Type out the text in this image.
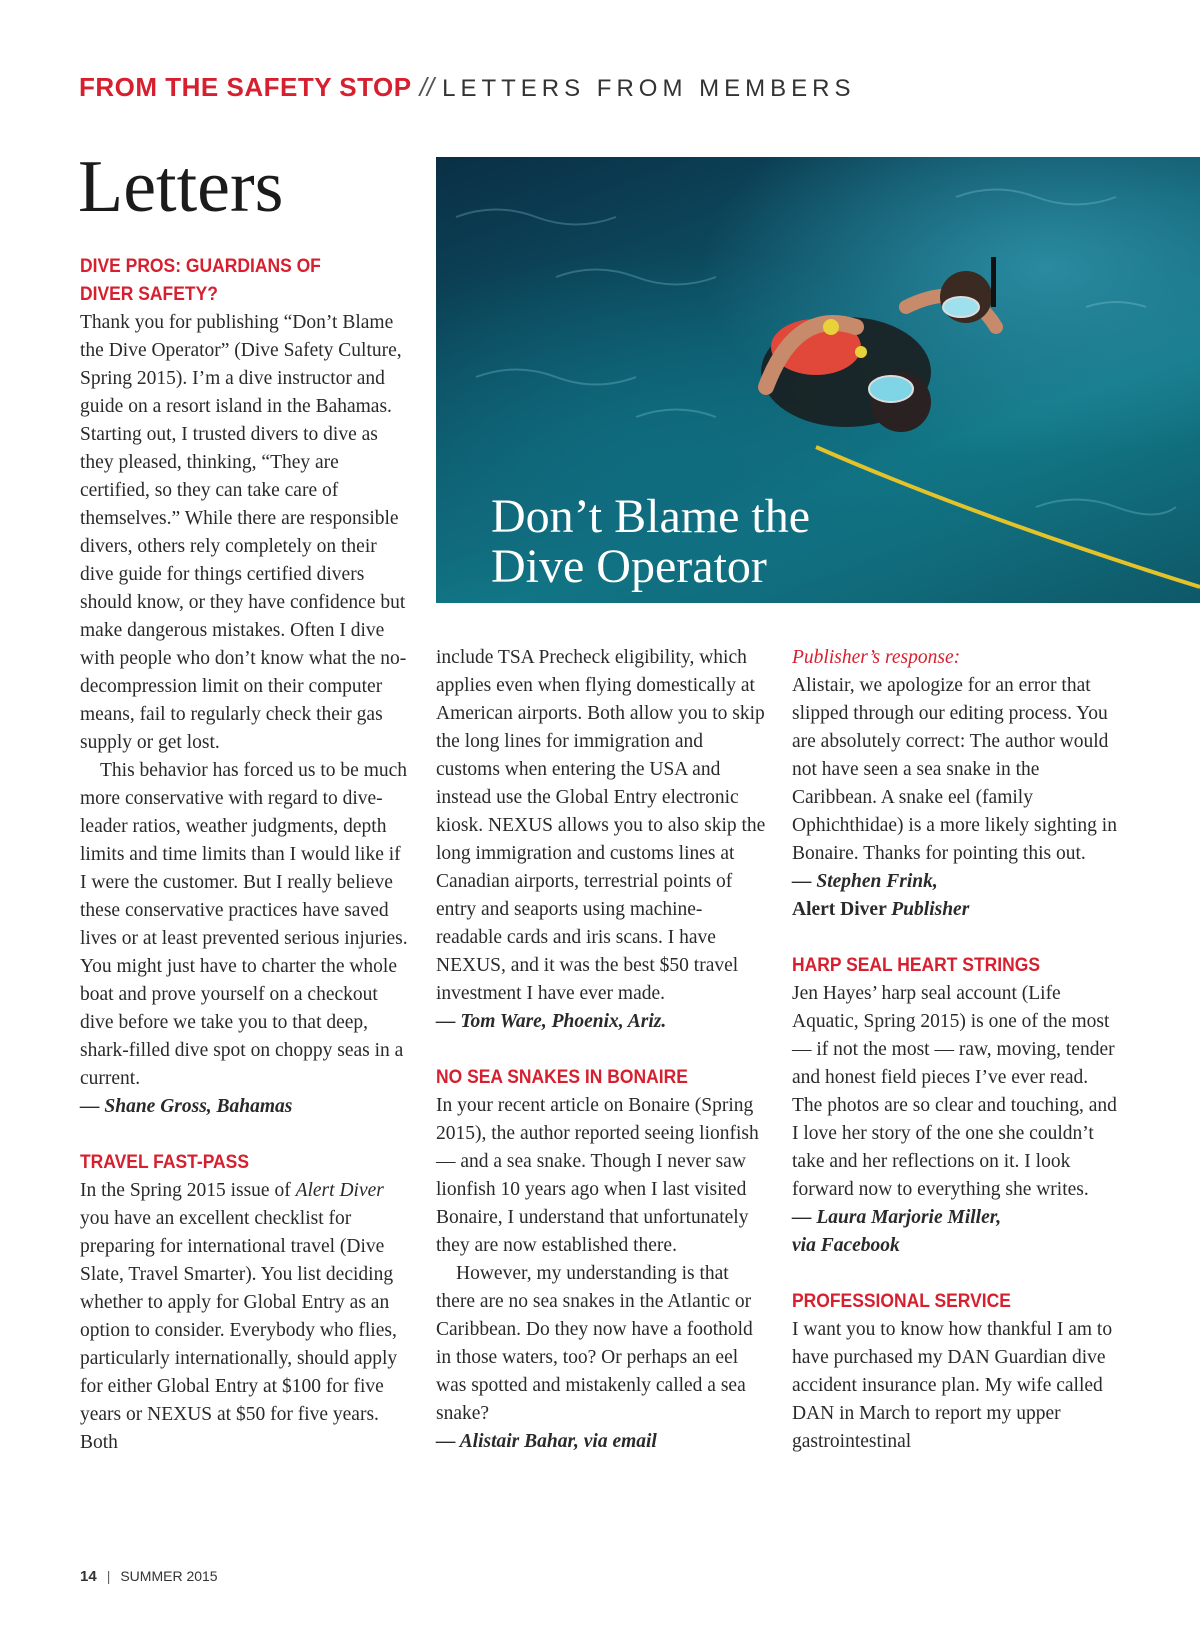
FROM THE SAFETY STOP // LETTERS FROM MEMBERS
Letters
Don’t Blame the
Dive Operator

DIVE PROS: GUARDIANS OF

DIVER SAFETY?

Thank you for publishing “Don’t Blame the Dive Operator” (Dive Safety Culture, Spring 2015). I’m a dive instructor and guide on a resort island in the Bahamas. Starting out, I trusted divers to dive as they pleased, thinking, “They are certified, so they can take care of themselves.” While there are responsible divers, others rely completely on their dive guide for things certified divers should know, or they have confidence but make dangerous mistakes. Often I dive with people who don’t know what the no-decompression limit on their computer means, fail to regularly check their gas supply or get lost.

This behavior has forced us to be much more conservative with regard to dive-leader ratios, weather judgments, depth limits and time limits than I would like if I were the customer. But I really believe these conservative practices have saved lives or at least prevented serious injuries. You might just have to charter the whole boat and prove yourself on a checkout dive before we take you to that deep, shark-filled dive spot on choppy seas in a current.

— Shane Gross, Bahamas

TRAVEL FAST-PASS

In the Spring 2015 issue of Alert Diver you have an excellent checklist for preparing for international travel (Dive Slate, Travel Smarter). You list deciding whether to apply for Global Entry as an option to consider. Everybody who flies, particularly internationally, should apply for either Global Entry at $100 for five years or NEXUS at $50 for five years. Both

include TSA Precheck eligibility, which applies even when flying domestically at American airports. Both allow you to skip the long lines for immigration and customs when entering the USA and instead use the Global Entry electronic kiosk. NEXUS allows you to also skip the long immigration and customs lines at Canadian airports, terrestrial points of entry and seaports using machine-readable cards and iris scans. I have NEXUS, and it was the best $50 travel investment I have ever made.

— Tom Ware, Phoenix, Ariz.

NO SEA SNAKES IN BONAIRE

In your recent article on Bonaire (Spring 2015), the author reported seeing lionfish — and a sea snake. Though I never saw lionfish 10 years ago when I last visited Bonaire, I understand that unfortunately they are now established there.

However, my understanding is that there are no sea snakes in the Atlantic or Caribbean. Do they now have a foothold in those waters, too? Or perhaps an eel was spotted and mistakenly called a sea snake?

— Alistair Bahar, via email

Publisher’s response:

Alistair, we apologize for an error that slipped through our editing process. You are absolutely correct: The author would not have seen a sea snake in the Caribbean. A snake eel (family Ophichthidae) is a more likely sighting in Bonaire. Thanks for pointing this out.

— Stephen Frink,

Alert Diver Publisher

HARP SEAL HEART STRINGS

Jen Hayes’ harp seal account (Life Aquatic, Spring 2015) is one of the most — if not the most — raw, moving, tender and honest field pieces I’ve ever read. The photos are so clear and touching, and I love her story of the one she couldn’t take and her reflections on it. I look forward now to everything she writes.

— Laura Marjorie Miller,

via Facebook

PROFESSIONAL SERVICE

I want you to know how thankful I am to have purchased my DAN Guardian dive accident insurance plan. My wife called DAN in March to report my upper gastrointestinal

14 | SUMMER 2015
